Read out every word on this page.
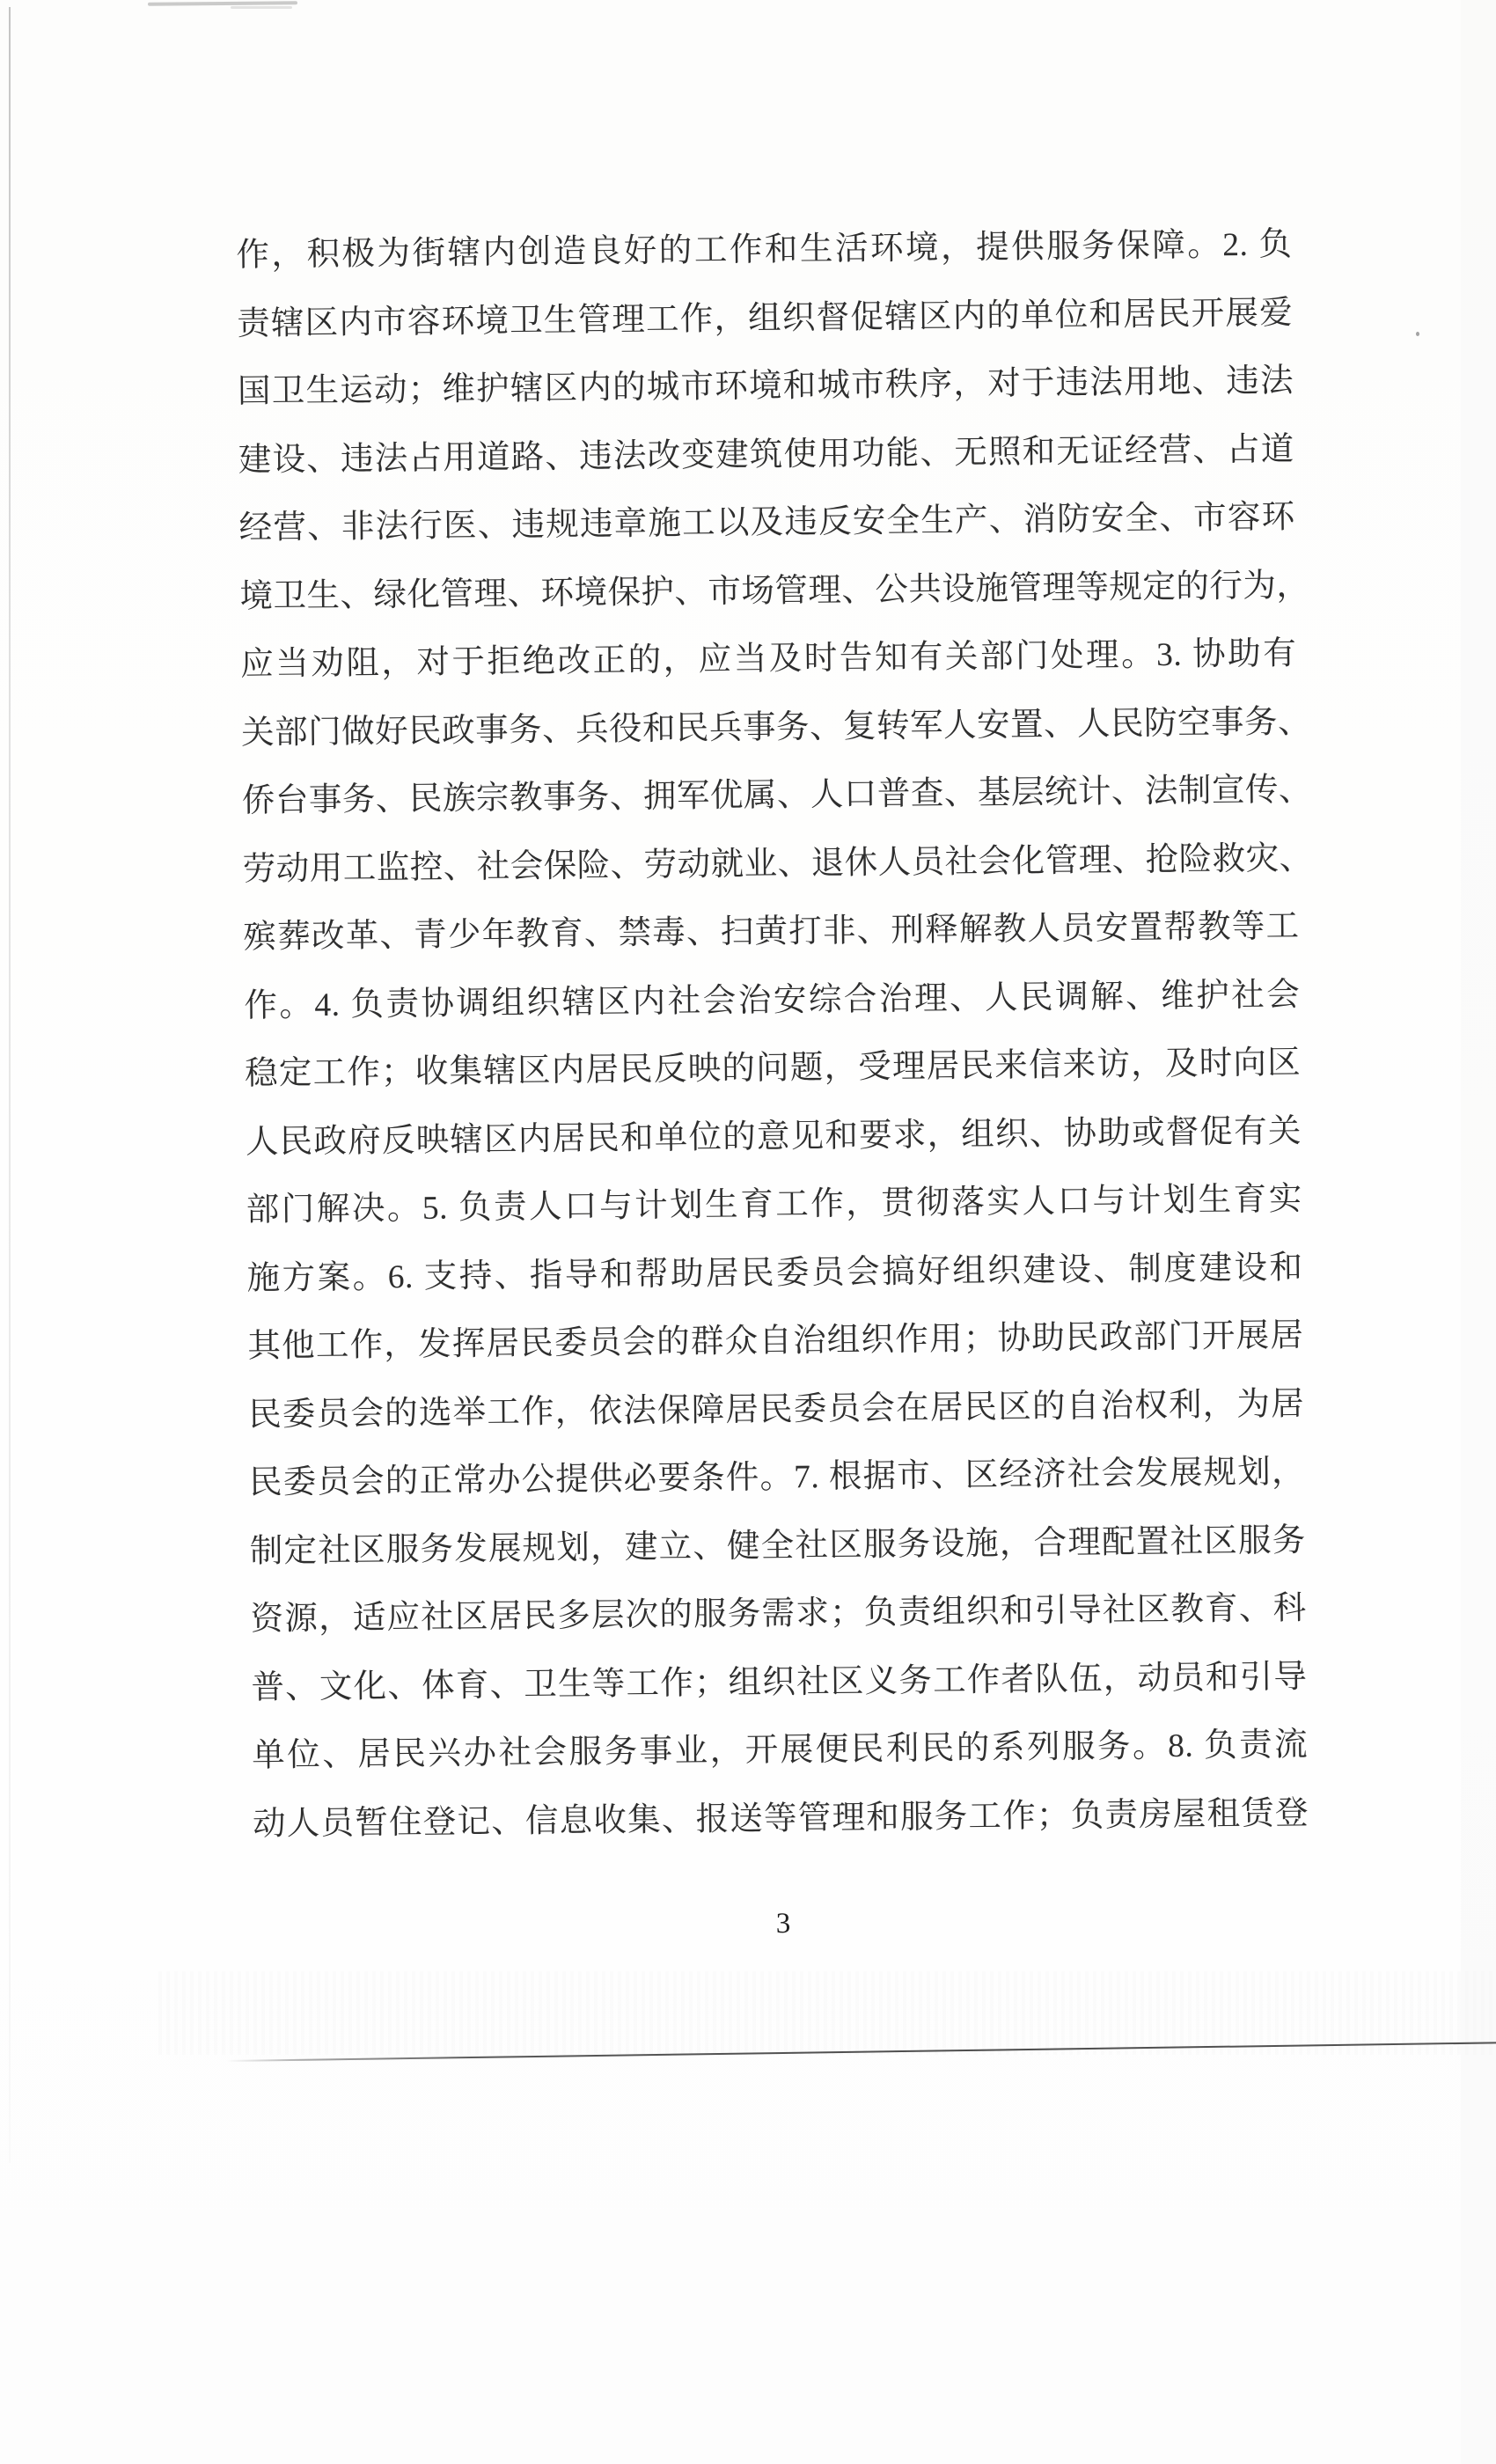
作，积极为街辖内创造良好的工作和生活环境，提供服务保障。2. 负
责辖区内市容环境卫生管理工作，组织督促辖区内的单位和居民开展爱
国卫生运动；维护辖区内的城市环境和城市秩序，对于违法用地、违法
建设、违法占用道路、违法改变建筑使用功能、无照和无证经营、占道
经营、非法行医、违规违章施工以及违反安全生产、消防安全、市容环
境卫生、绿化管理、环境保护、市场管理、公共设施管理等规定的行为，
应当劝阻，对于拒绝改正的，应当及时告知有关部门处理。3. 协助有
关部门做好民政事务、兵役和民兵事务、复转军人安置、人民防空事务、
侨台事务、民族宗教事务、拥军优属、人口普查、基层统计、法制宣传、
劳动用工监控、社会保险、劳动就业、退休人员社会化管理、抢险救灾、
殡葬改革、青少年教育、禁毒、扫黄打非、刑释解教人员安置帮教等工
作。4. 负责协调组织辖区内社会治安综合治理、人民调解、维护社会
稳定工作；收集辖区内居民反映的问题，受理居民来信来访，及时向区
人民政府反映辖区内居民和单位的意见和要求，组织、协助或督促有关
部门解决。5. 负责人口与计划生育工作，贯彻落实人口与计划生育实
施方案。6. 支持、指导和帮助居民委员会搞好组织建设、制度建设和
其他工作，发挥居民委员会的群众自治组织作用；协助民政部门开展居
民委员会的选举工作，依法保障居民委员会在居民区的自治权利，为居
民委员会的正常办公提供必要条件。7. 根据市、区经济社会发展规划，
制定社区服务发展规划，建立、健全社区服务设施，合理配置社区服务
资源，适应社区居民多层次的服务需求；负责组织和引导社区教育、科
普、文化、体育、卫生等工作；组织社区义务工作者队伍，动员和引导
单位、居民兴办社会服务事业，开展便民利民的系列服务。8. 负责流
动人员暂住登记、信息收集、报送等管理和服务工作；负责房屋租赁登
3
